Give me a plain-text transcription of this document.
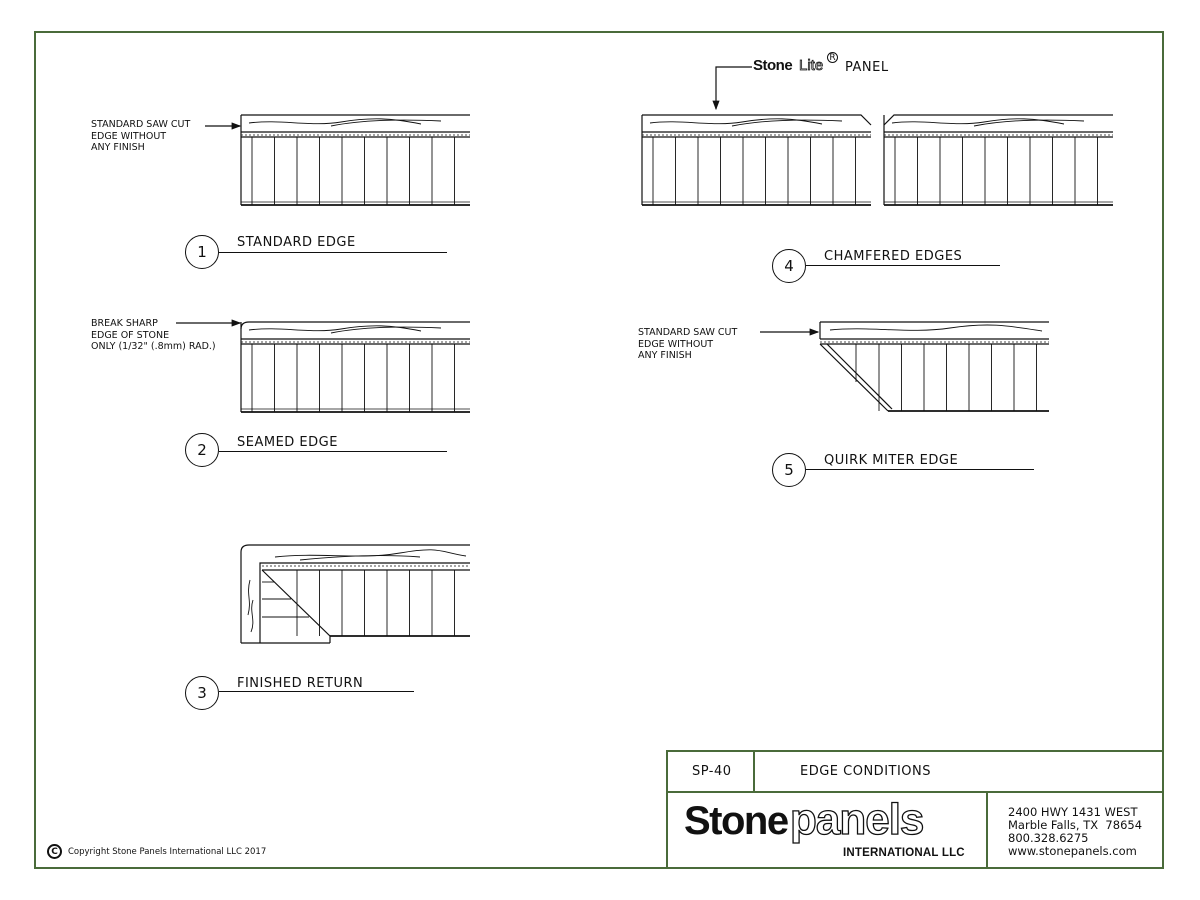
STANDARD SAW CUT
EDGE WITHOUT
ANY FINISH
1
STANDARD EDGE
BREAK SHARP
EDGE OF STONE
ONLY (1/32" (.8mm) RAD.)
2	SEAMED EDGE
3
FINISHED RETURN
Stone Lite R
PANEL
4
CHAMFERED EDGES
STANDARD SAW CUT
EDGE WITHOUT
ANY FINISH
5
QUIRK MITER EDGE
SP-40	EDGE CONDITIONS
Stone panels
INTERNATIONAL LLC
2400 HWY 1431 WEST
Marble Falls, TX  78654
800.328.6275
www.stonepanels.com
C	Copyright Stone Panels International LLC 2017
